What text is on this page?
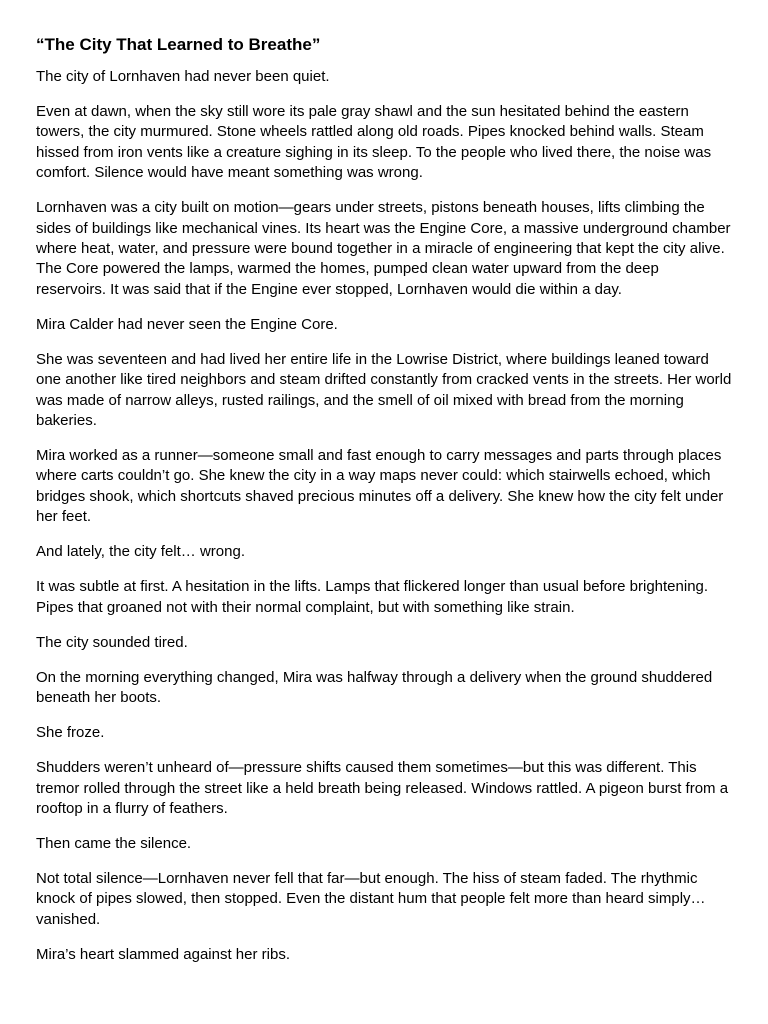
“The City That Learned to Breathe”

The city of Lornhaven had never been quiet.

Even at dawn, when the sky still wore its pale gray shawl and the sun hesitated behind the eastern towers, the city murmured. Stone wheels rattled along old roads. Pipes knocked behind walls. Steam hissed from iron vents like a creature sighing in its sleep. To the people who lived there, the noise was comfort. Silence would have meant something was wrong.

Lornhaven was a city built on motion—gears under streets, pistons beneath houses, lifts climbing the sides of buildings like mechanical vines. Its heart was the Engine Core, a massive underground chamber where heat, water, and pressure were bound together in a miracle of engineering that kept the city alive. The Core powered the lamps, warmed the homes, pumped clean water upward from the deep reservoirs. It was said that if the Engine ever stopped, Lornhaven would die within a day.

Mira Calder had never seen the Engine Core.

She was seventeen and had lived her entire life in the Lowrise District, where buildings leaned toward one another like tired neighbors and steam drifted constantly from cracked vents in the streets. Her world was made of narrow alleys, rusted railings, and the smell of oil mixed with bread from the morning bakeries.

Mira worked as a runner—someone small and fast enough to carry messages and parts through places where carts couldn’t go. She knew the city in a way maps never could: which stairwells echoed, which bridges shook, which shortcuts shaved precious minutes off a delivery. She knew how the city felt under her feet.

And lately, the city felt… wrong.

It was subtle at first. A hesitation in the lifts. Lamps that flickered longer than usual before brightening. Pipes that groaned not with their normal complaint, but with something like strain.

The city sounded tired.

On the morning everything changed, Mira was halfway through a delivery when the ground shuddered beneath her boots.

She froze.

Shudders weren’t unheard of—pressure shifts caused them sometimes—but this was different. This tremor rolled through the street like a held breath being released. Windows rattled. A pigeon burst from a rooftop in a flurry of feathers.

Then came the silence.

Not total silence—Lornhaven never fell that far—but enough. The hiss of steam faded. The rhythmic knock of pipes slowed, then stopped. Even the distant hum that people felt more than heard simply… vanished.

Mira’s heart slammed against her ribs.
